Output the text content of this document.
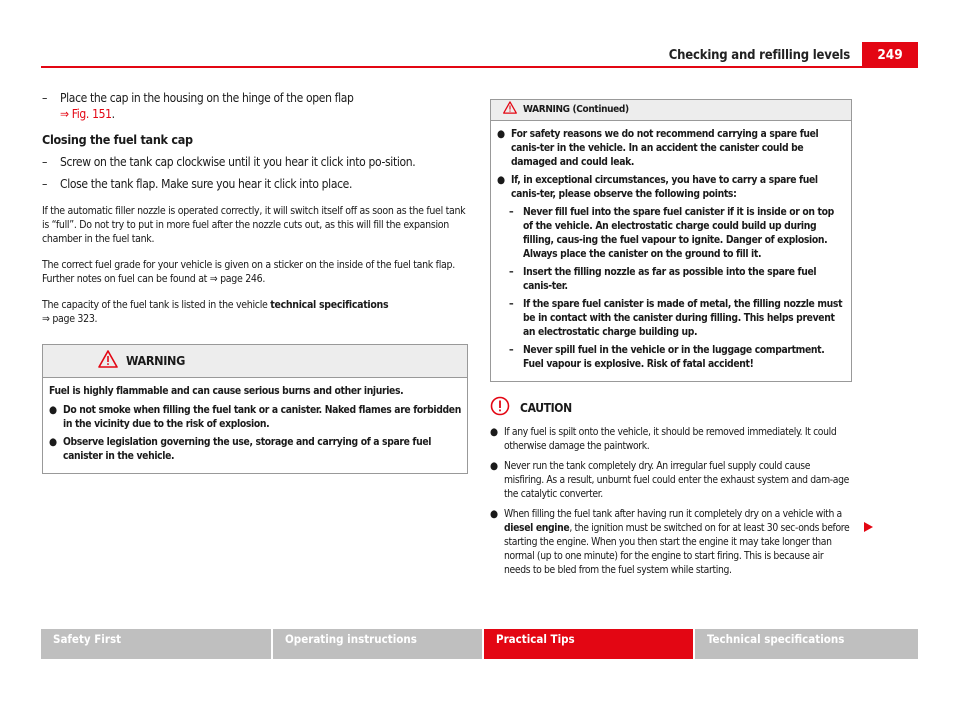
Checking and refilling levels	249
–	Place the cap in the housing on the hinge of the open flap
⇒ Fig. 151.
Closing the fuel tank cap
–	Screw on the tank cap clockwise until it you hear it click into po-sition.
–	Close the tank flap. Make sure you hear it click into place.

If the automatic filler nozzle is operated correctly, it will switch itself off as soon as the fuel tank is “full”. Do not try to put in more fuel after the nozzle cuts out, as this will fill the expansion chamber in the fuel tank.

The correct fuel grade for your vehicle is given on a sticker on the inside of the fuel tank flap. Further notes on fuel can be found at ⇒ page 246.

The capacity of the fuel tank is listed in the vehicle technical specifications
⇒ page 323.

WARNING

Fuel is highly flammable and can cause serious burns and other injuries.

● Do not smoke when filling the fuel tank or a canister. Naked flames are forbidden in the vicinity due to the risk of explosion.
● Observe legislation governing the use, storage and carrying of a spare fuel canister in the vehicle.
WARNING (Continued)
● For safety reasons we do not recommend carrying a spare fuel canis-ter in the vehicle. In an accident the canister could be damaged and could leak.
● If, in exceptional circumstances, you have to carry a spare fuel canis-ter, please observe the following points:
– Never fill fuel into the spare fuel canister if it is inside or on top of the vehicle. An electrostatic charge could build up during filling, caus-ing the fuel vapour to ignite. Danger of explosion. Always place the canister on the ground to fill it.
– Insert the filling nozzle as far as possible into the spare fuel canis-ter.
– If the spare fuel canister is made of metal, the filling nozzle must be in contact with the canister during filling. This helps prevent an electrostatic charge building up.
– Never spill fuel in the vehicle or in the luggage compartment. Fuel vapour is explosive. Risk of fatal accident!
CAUTION
● If any fuel is spilt onto the vehicle, it should be removed immediately. It could otherwise damage the paintwork.
● Never run the tank completely dry. An irregular fuel supply could cause misfiring. As a result, unburnt fuel could enter the exhaust system and dam-age the catalytic converter.
● When filling the fuel tank after having run it completely dry on a vehicle with a diesel engine, the ignition must be switched on for at least 30 sec-onds before starting the engine. When you then start the engine it may take longer than normal (up to one minute) for the engine to start firing. This is because air needs to be bled from the fuel system while starting.
Safety First	Operating instructions	Practical Tips	Technical specifications
